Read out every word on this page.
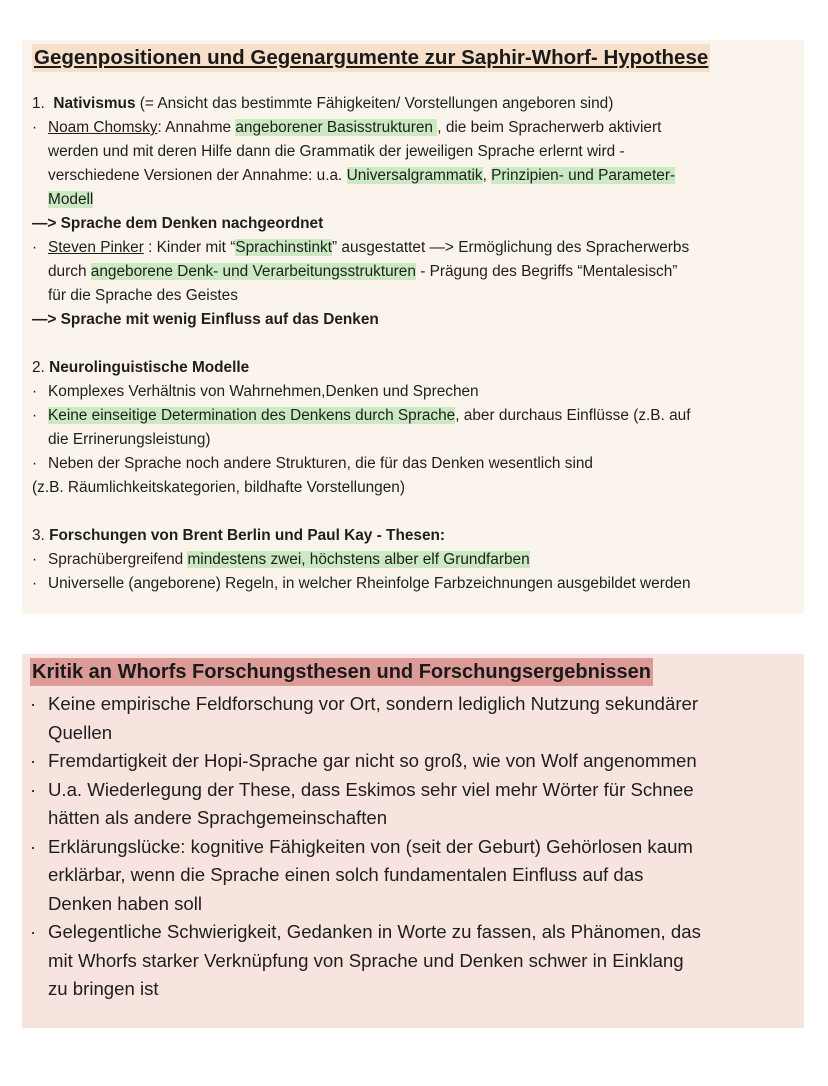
Gegenpositionen und Gegenargumente zur Saphir-Whorf- Hypothese
1. Nativismus (= Ansicht das bestimmte Fähigkeiten/ Vorstellungen angeboren sind)
· Noam Chomsky: Annahme angeborener Basisstrukturen , die beim Spracherwerb aktiviert
werden und mit deren Hilfe dann die Grammatik der jeweiligen Sprache erlernt wird -
verschiedene Versionen der Annahme: u.a. Universalgrammatik, Prinzipien- und Parameter-
Modell
—> Sprache dem Denken nachgeordnet
· Steven Pinker : Kinder mit “Sprachinstinkt” ausgestattet —> Ermöglichung des Spracherwerbs
durch angeborene Denk- und Verarbeitungsstrukturen - Prägung des Begriffs “Mentalesisch”
für die Sprache des Geistes
—> Sprache mit wenig Einfluss auf das Denken
2. Neurolinguistische Modelle
· Komplexes Verhältnis von Wahrnehmen,Denken und Sprechen
· Keine einseitige Determination des Denkens durch Sprache, aber durchaus Einflüsse (z.B. auf
die Errinerungsleistung)
· Neben der Sprache noch andere Strukturen, die für das Denken wesentlich sind
(z.B. Räumlichkeitskategorien, bildhafte Vorstellungen)
3. Forschungen von Brent Berlin und Paul Kay - Thesen:
· Sprachübergreifend mindestens zwei, höchstens alber elf Grundfarben
· Universelle (angeborene) Regeln, in welcher Rheinfolge Farbzeichnungen ausgebildet werden
Kritik an Whorfs Forschungsthesen und Forschungsergebnissen
· Keine empirische Feldforschung vor Ort, sondern lediglich Nutzung sekundärer
Quellen
· Fremdartigkeit der Hopi-Sprache gar nicht so groß, wie von Wolf angenommen
· U.a. Wiederlegung der These, dass Eskimos sehr viel mehr Wörter für Schnee
hätten als andere Sprachgemeinschaften
· Erklärungslücke: kognitive Fähigkeiten von (seit der Geburt) Gehörlosen kaum
erklärbar, wenn die Sprache einen solch fundamentalen Einfluss auf das
Denken haben soll
· Gelegentliche Schwierigkeit, Gedanken in Worte zu fassen, als Phänomen, das
mit Whorfs starker Verknüpfung von Sprache und Denken schwer in Einklang
zu bringen ist
